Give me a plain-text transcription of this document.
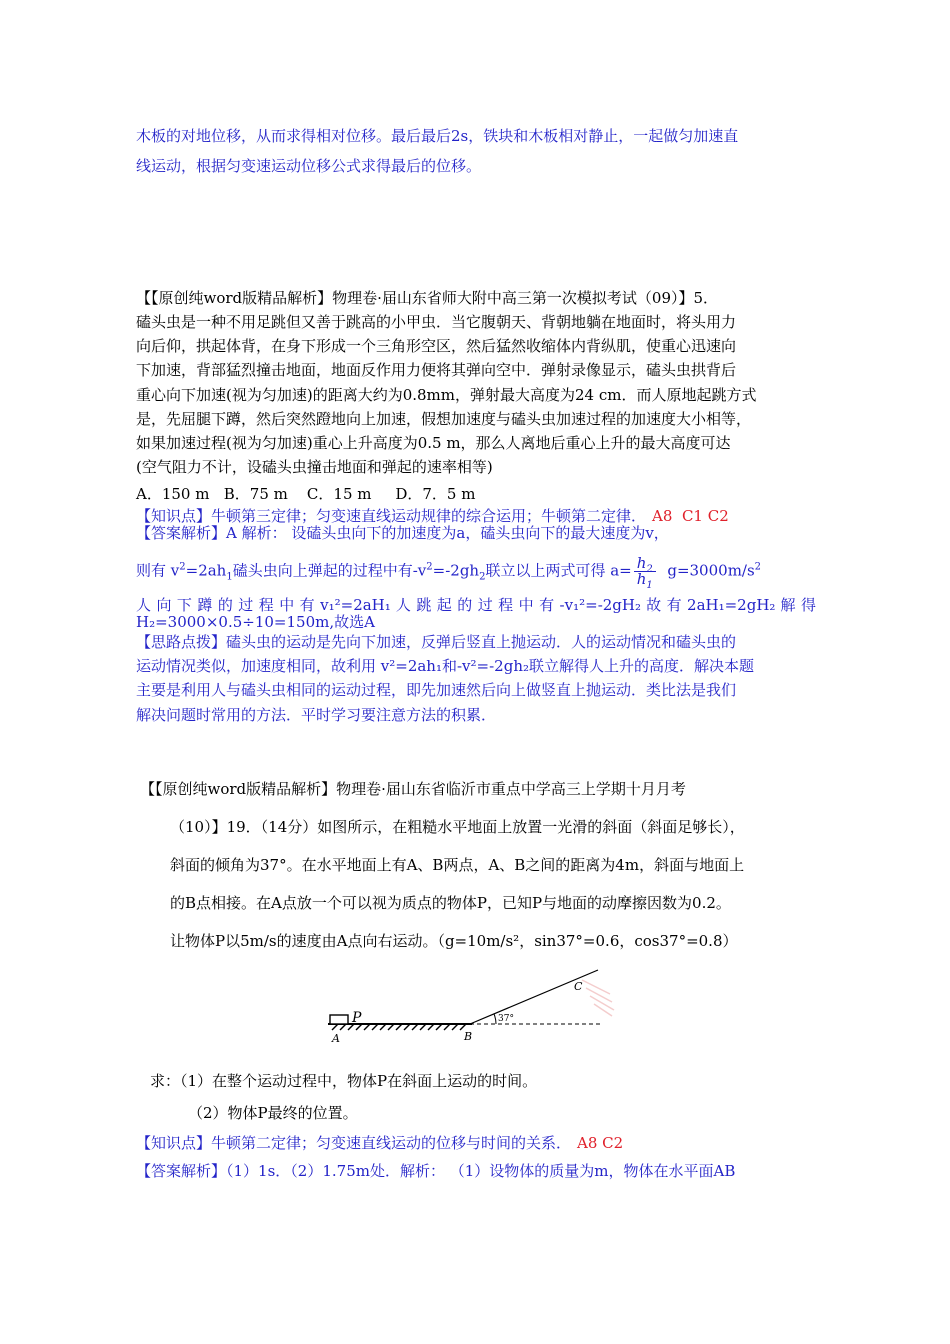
木板的对地位移，从而求得相对位移。最后最后2s，铁块和木板相对静止，一起做匀加速直
线运动，根据匀变速运动位移公式求得最后的位移。
【【原创纯word版精品解析】物理卷·届山东省师大附中高三第一次模拟考试（09）】5．
磕头虫是一种不用足跳但又善于跳高的小甲虫．当它腹朝天、背朝地躺在地面时，将头用力
向后仰，拱起体背，在身下形成一个三角形空区，然后猛然收缩体内背纵肌，使重心迅速向
下加速，背部猛烈撞击地面，地面反作用力便将其弹向空中．弹射录像显示，磕头虫拱背后
重心向下加速(视为匀加速)的距离大约为0.8mm，弹射最大高度为24 cm．而人原地起跳方式
是，先屈腿下蹲，然后突然蹬地向上加速，假想加速度与磕头虫加速过程的加速度大小相等，
如果加速过程(视为匀加速)重心上升高度为0.5 m，那么人离地后重心上升的最大高度可达
(空气阻力不计，设磕头虫撞击地面和弹起的速率相等)
A．150 m   B．75 m    C．15 m     D．7．5 m
【知识点】牛顿第三定律；匀变速直线运动规律的综合运用；牛顿第二定律． A8  C1 C2
【答案解析】A 解析： 设磕头虫向下的加速度为a，磕头虫向下的最大速度为v，
则有 $v^2=2ah_1$磕头虫向上弹起的过程中有$-v^2=-2gh_2$联立以上两式可得 $a= \frac{h_2}{h_1} g=3000m/s^2$
人 向 下 蹲 的 过 程 中 有 v₁²=2aH₁ 人 跳 起 的 过 程 中 有 -v₁²=-2gH₂ 故 有 2aH₁=2gH₂ 解 得
H₂=3000×0.5÷10=150m,故选A
【思路点拨】磕头虫的运动是先向下加速，反弹后竖直上抛运动．人的运动情况和磕头虫的
运动情况类似，加速度相同，故利用 v²=2ah₁和-v²=-2gh₂联立解得人上升的高度．解决本题
主要是利用人与磕头虫相同的运动过程，即先加速然后向上做竖直上抛运动．类比法是我们
解决问题时常用的方法．平时学习要注意方法的积累．
【【原创纯word版精品解析】物理卷·届山东省临沂市重点中学高三上学期十月月考
（10）】19．（14分）如图所示，在粗糙水平地面上放置一光滑的斜面（斜面足够长），
斜面的倾角为37°。在水平地面上有A、B两点，A、B之间的距离为4m，斜面与地面上
的B点相接。在A点放一个可以视为质点的物体P，已知P与地面的动摩擦因数为0.2。
让物体P以5m/s的速度由A点向右运动。（g=10m/s²，sin37°=0.6，cos37°=0.8）
P
A	B
37°
C
求：（1）在整个运动过程中，物体P在斜面上运动的时间。
（2）物体P最终的位置。
【知识点】牛顿第二定律；匀变速直线运动的位移与时间的关系． A8 C2
【答案解析】（1）1s．（2）1.75m处．解析： （1）设物体的质量为m，物体在水平面AB
